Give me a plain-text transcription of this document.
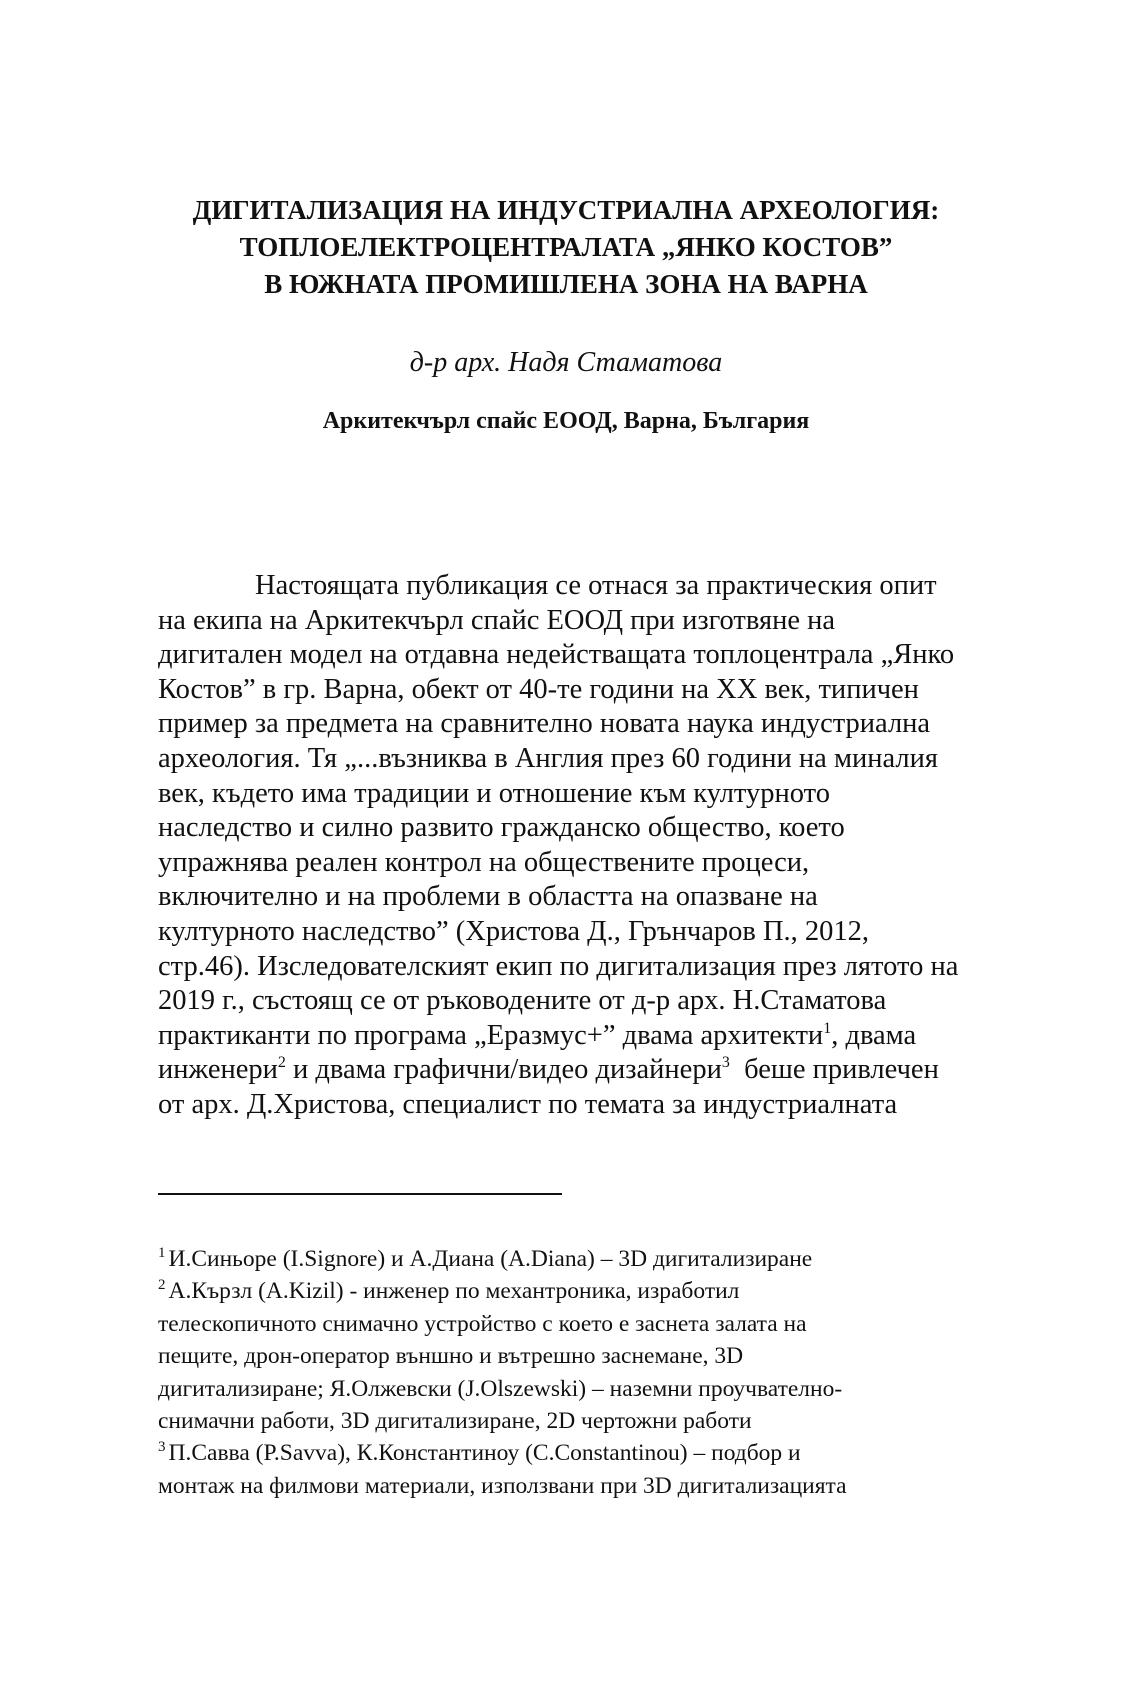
ДИГИТАЛИЗАЦИЯ НА ИНДУСТРИАЛНА АРХЕОЛОГИЯ:
ТОПЛОЕЛЕКТРОЦЕНТРАЛАТА „ЯНКО КОСТОВ”
В ЮЖНАТА ПРОМИШЛЕНА ЗОНА НА ВАРНА

д-р арх. Надя Стаматова

Аркитекчърл спайс ЕООД, Варна, България

Настоящата публикация се отнася за практическия опит
на екипа на Аркитекчърл спайс ЕООД при изготвяне на
дигитален модел на отдавна недействащата топлоцентрала „Янко
Костов” в гр. Варна, обект от 40-те години на XX век, типичен
пример за предмета на сравнително новата наука индустриална
археология. Тя „...възниква в Англия през 60 години на миналия
век, където има традиции и отношение към културното
наследство и силно развито гражданско общество, което
упражнява реален контрол на обществените процеси,
включително и на проблеми в областта на опазване на
културното наследство” (Христова Д., Грънчаров П., 2012,
стр.46). Изследователският екип по дигитализация през лятото на
2019 г., състоящ се от ръководените от д-р арх. Н.Стаматова
практиканти по програма „Еразмус+” двама архитекти$^1$, двама
инженери$^2$ и двама графични/видео дизайнери$^3$  беше привлечен
от арх. Д.Христова, специалист по темата за индустриалната

$^1$ И.Синьоре (I.Signore) и А.Диана (A.Diana) – 3D дигитализиране

$^2$ А.Кързл (A.Kizil) - инженер по механтроника, изработил

телескопичното снимачно устройство с което е заснета залата на

пещите, дрон-оператор външно и вътрешно заснемане, 3D

дигитализиране; Я.Олжевски (J.Olszewski) – наземни проучвателно-

снимачни работи, 3D дигитализиране, 2D чертожни работи

$^3$ П.Савва (P.Savva), К.Константиноу (C.Constantinou) – подбор и

монтаж на филмови материали, използвани при 3D дигитализацията
